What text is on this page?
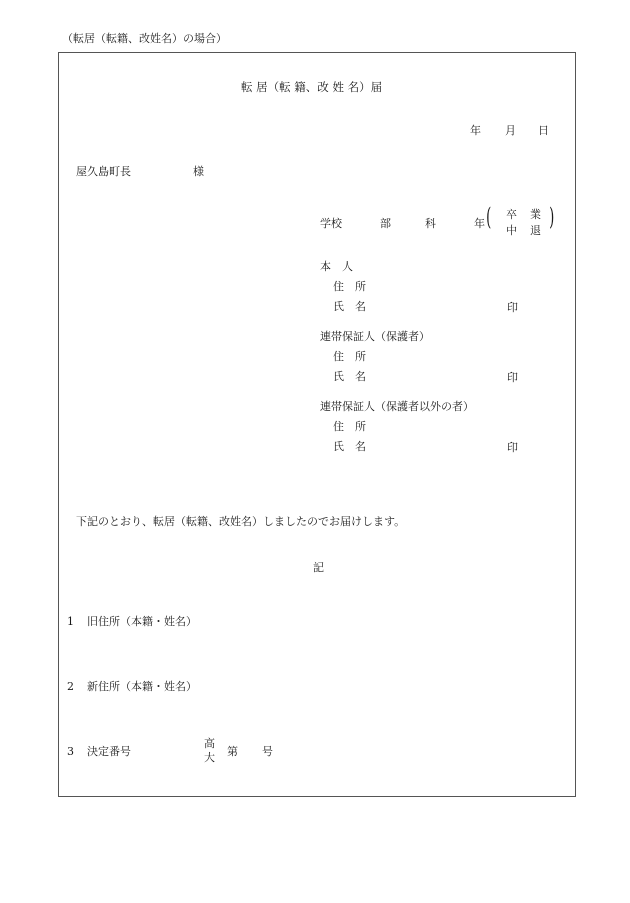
（転居（転籍、改姓名）の場合）
転 居（転 籍、改 姓 名）届
年 月 日
屋久島町長	様
学校	部	科	年 ( 卒 業
中 退 )
本　人
住　所
氏　名	印
連帯保証人（保護者）
住　所
氏　名	印
連帯保証人（保護者以外の者）
住　所
氏　名	印
下記のとおり、転居（転籍、改姓名）しましたのでお届けします。
記
1 旧住所（本籍・姓名）
2 新住所（本籍・姓名）
3 決定番号
高
大 第 号
